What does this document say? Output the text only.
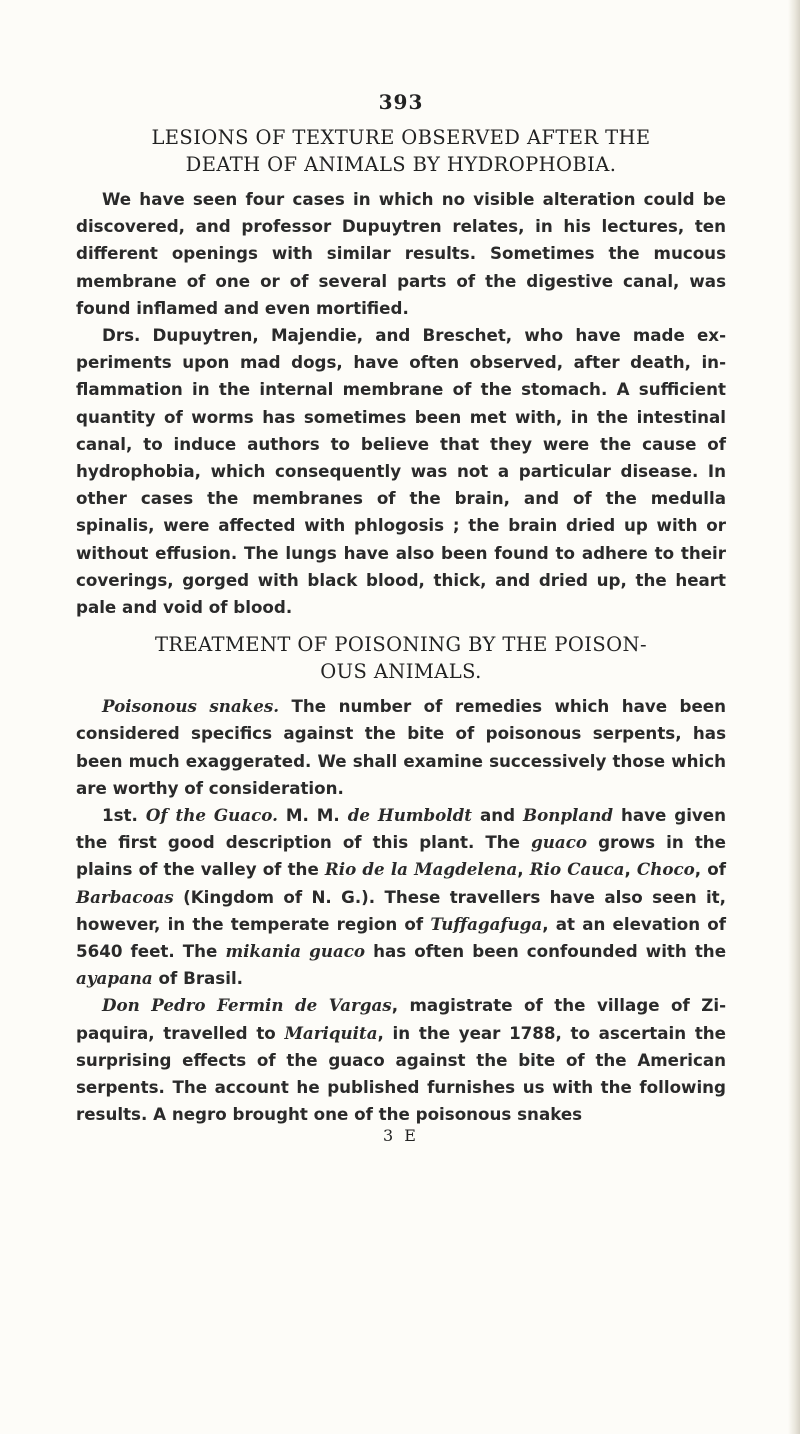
393
LESIONS OF TEXTURE OBSERVED AFTER THE
DEATH OF ANIMALS BY HYDROPHOBIA.

We have seen four cases in which no visible alteration could be discovered, and professor Dupuytren relates, in his lectures, ten different openings with similar results. Sometimes the mucous membrane of one or of several parts of the digestive canal, was found inflamed and even mortified.

Drs. Dupuytren, Majendie, and Breschet, who have made experiments upon mad dogs, have often observed, after death, inflammation in the internal membrane of the stomach. A sufficient quantity of worms has sometimes been met with, in the intestinal canal, to induce authors to believe that they were the cause of hydrophobia, which consequently was not a particular disease. In other cases the membranes of the brain, and of the medulla spinalis, were affected with phlogosis ; the brain dried up with or without effusion. The lungs have also been found to adhere to their coverings, gorged with black blood, thick, and dried up, the heart pale and void of blood.

TREATMENT OF POISONING BY THE POISON-
OUS ANIMALS.

Poisonous snakes. The number of remedies which have been considered specifics against the bite of poisonous serpents, has been much exaggerated. We shall examine successively those which are worthy of consideration.

1st. Of the Guaco. M. M. de Humboldt and Bonpland have given the first good description of this plant. The guaco grows in the plains of the valley of the Rio de la Magdelena, Rio Cauca, Choco, of Barbacoas (Kingdom of N. G.). These travellers have also seen it, however, in the temperate region of Tuffagafuga, at an elevation of 5640 feet. The mikania guaco has often been confounded with the ayapana of Brasil.

Don Pedro Fermin de Vargas, magistrate of the village of Zipaquira, travelled to Mariquita, in the year 1788, to ascertain the surprising effects of the guaco against the bite of the American serpents. The account he published furnishes us with the following results. A negro brought one of the poisonous snakes

3 E
